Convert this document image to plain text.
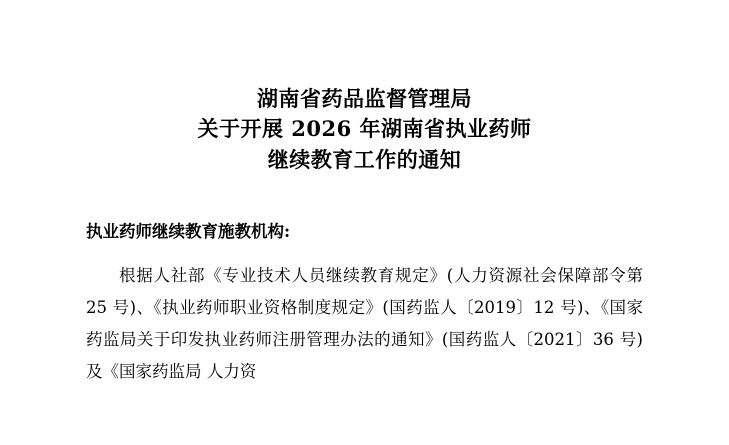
湖南省药品监督管理局
关于开展 2026 年湖南省执业药师
继续教育工作的通知

执业药师继续教育施教机构:

根据人社部《专业技术人员继续教育规定》(人力资源社会保障部令第 25 号)、《执业药师职业资格制度规定》(国药监人〔2019〕12 号)、《国家药监局关于印发执业药师注册管理办法的通知》(国药监人〔2021〕36 号)及《国家药监局 人力资
